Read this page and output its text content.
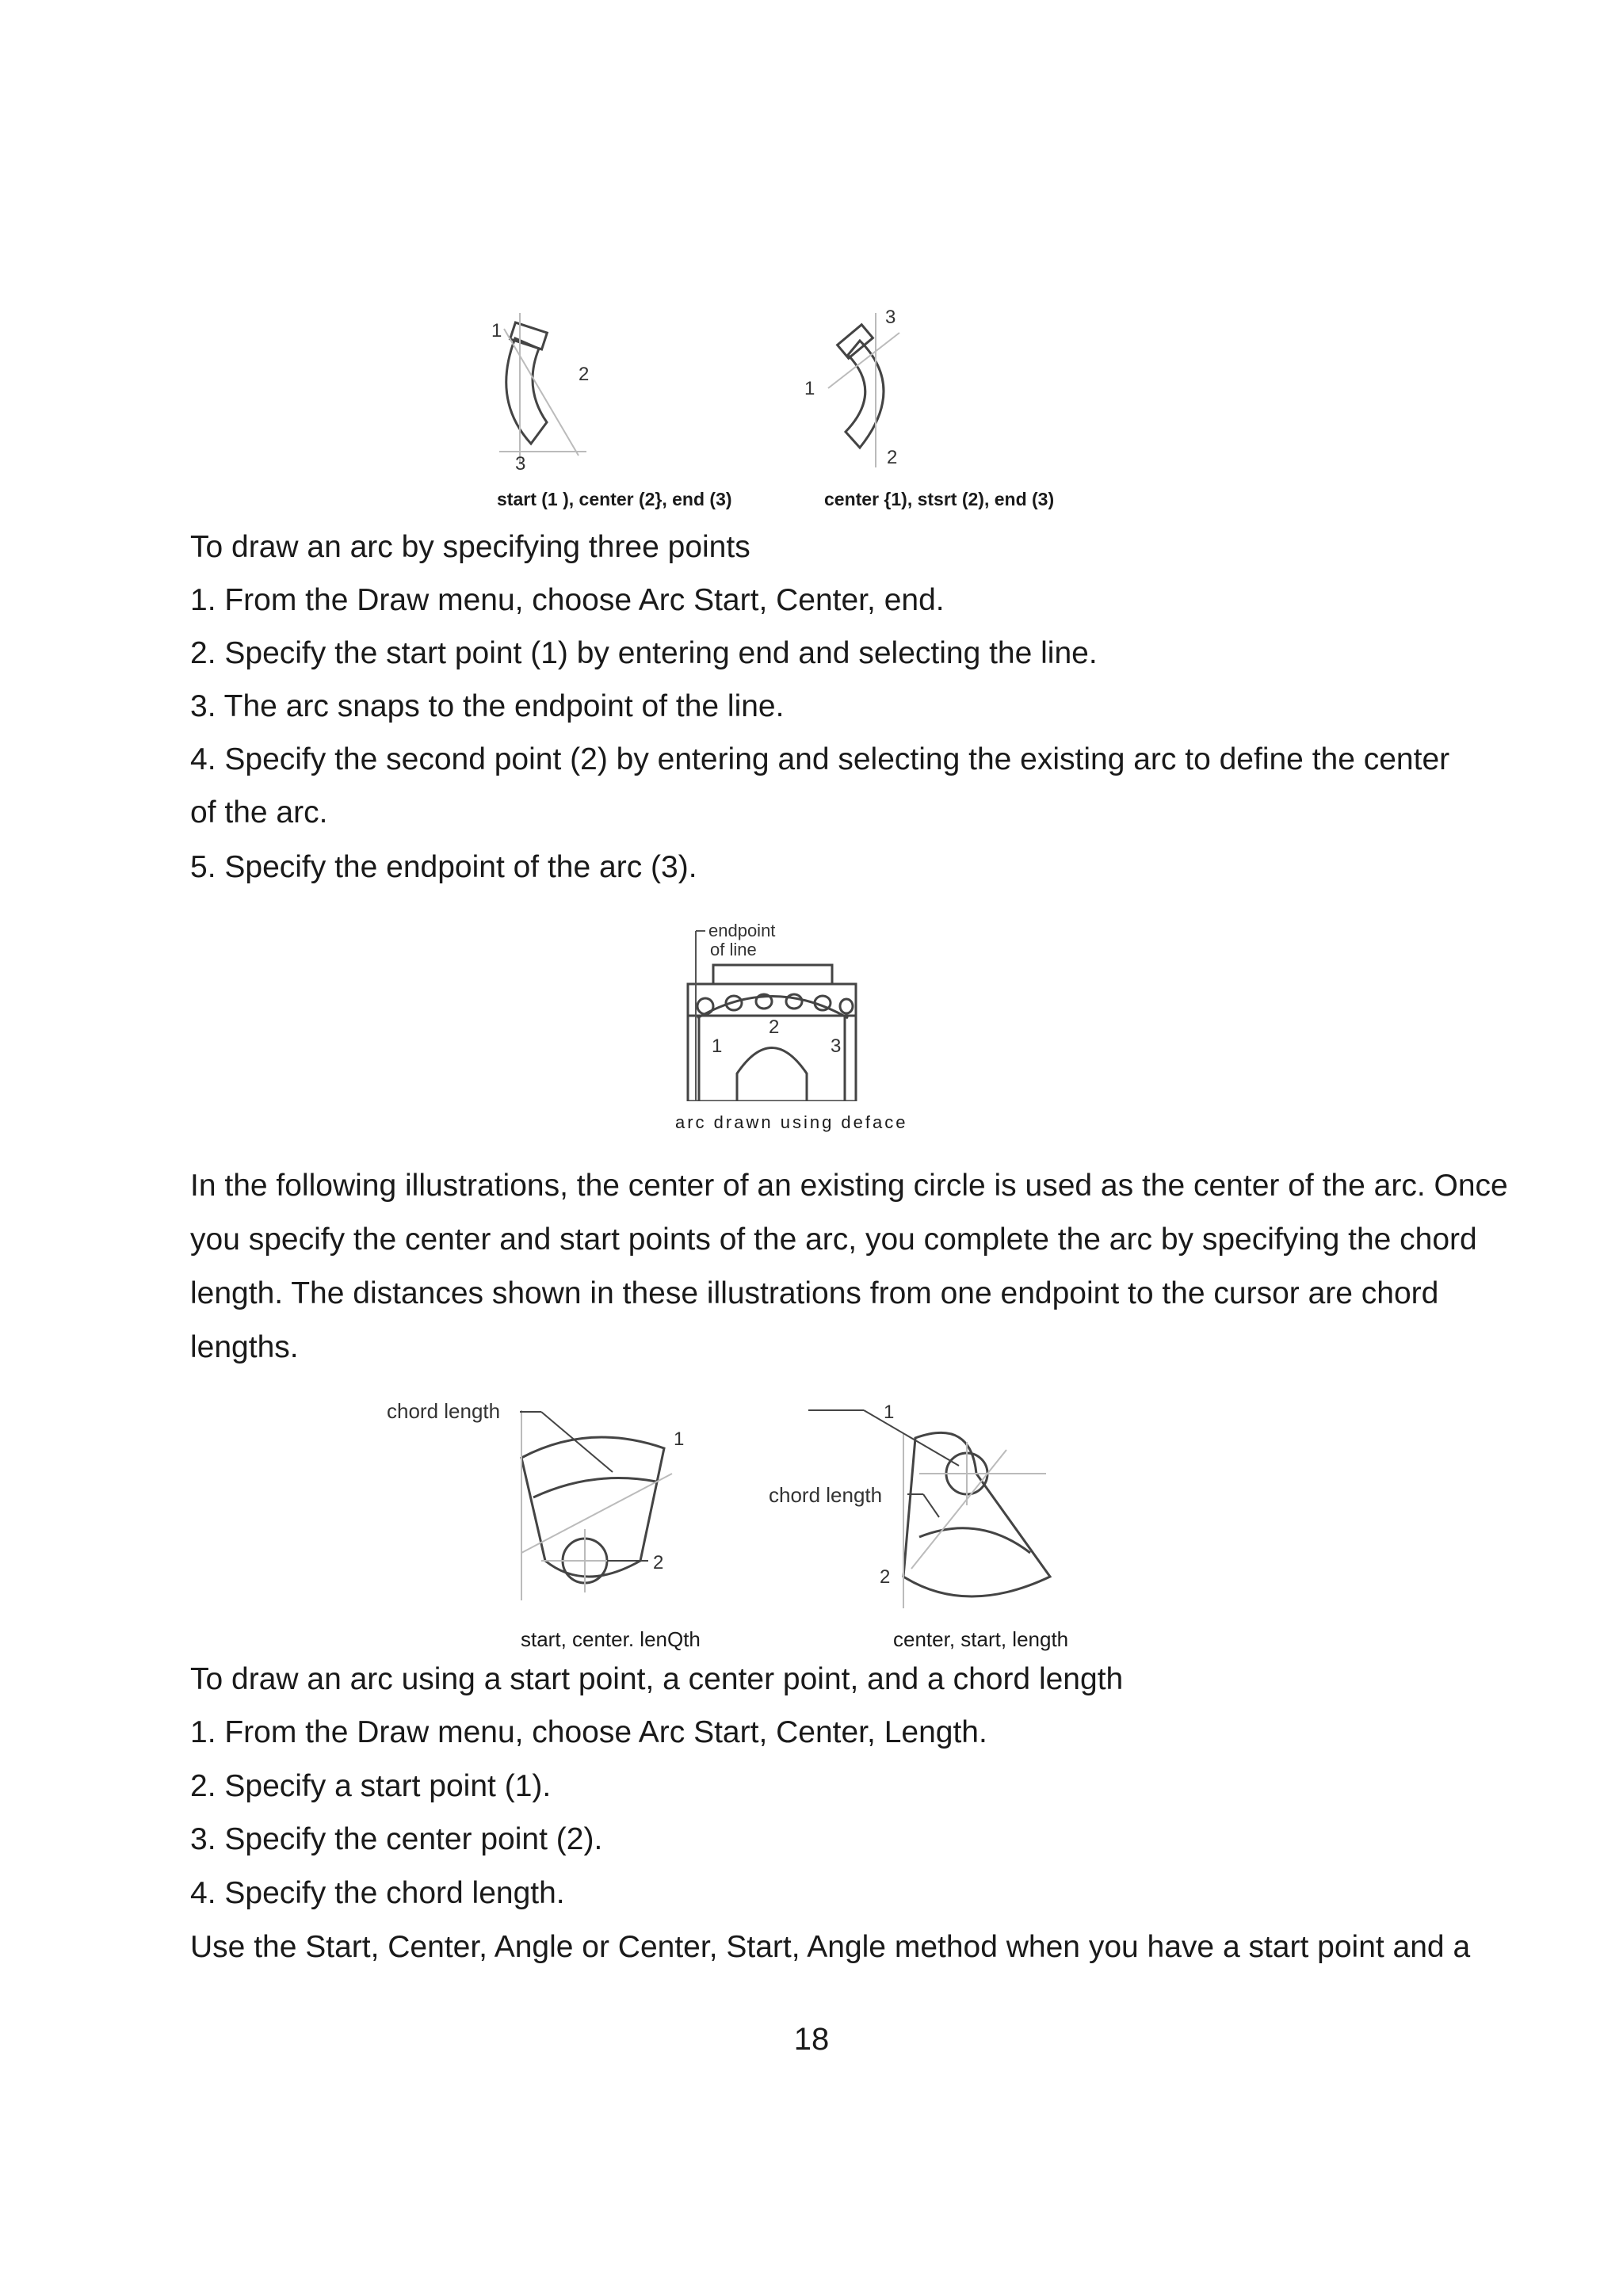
1
2
3
start (1 ), center (2}, end (3)
3
1
2
center {1), stsrt (2), end (3)
To draw an arc by specifying three points
1. From the Draw menu, choose Arc Start, Center, end.
2. Specify the start point (1) by entering end and selecting the line.
3. The arc snaps to the endpoint of the line.
4. Specify the second point (2) by entering and selecting the existing arc to define the center
of the arc.
5. Specify the endpoint of the arc (3).
endpoint
of line
1
2
3
arc drawn using deface
In the following illustrations, the center of an existing circle is used as the center of the arc. Once you specify the center and start points of the arc, you complete the arc by specifying the chord length. The distances shown in these illustrations from one endpoint to the cursor are chord lengths.
chord length
1
2
start, center. lenQth
1
chord length
2
center, start, length
To draw an arc using a start point, a center point, and a chord length
1. From the Draw menu, choose Arc Start, Center, Length.
2. Specify a start point (1).
3. Specify the center point (2).
4. Specify the chord length.
Use the Start, Center, Angle or Center, Start, Angle method when you have a start point and a
18
